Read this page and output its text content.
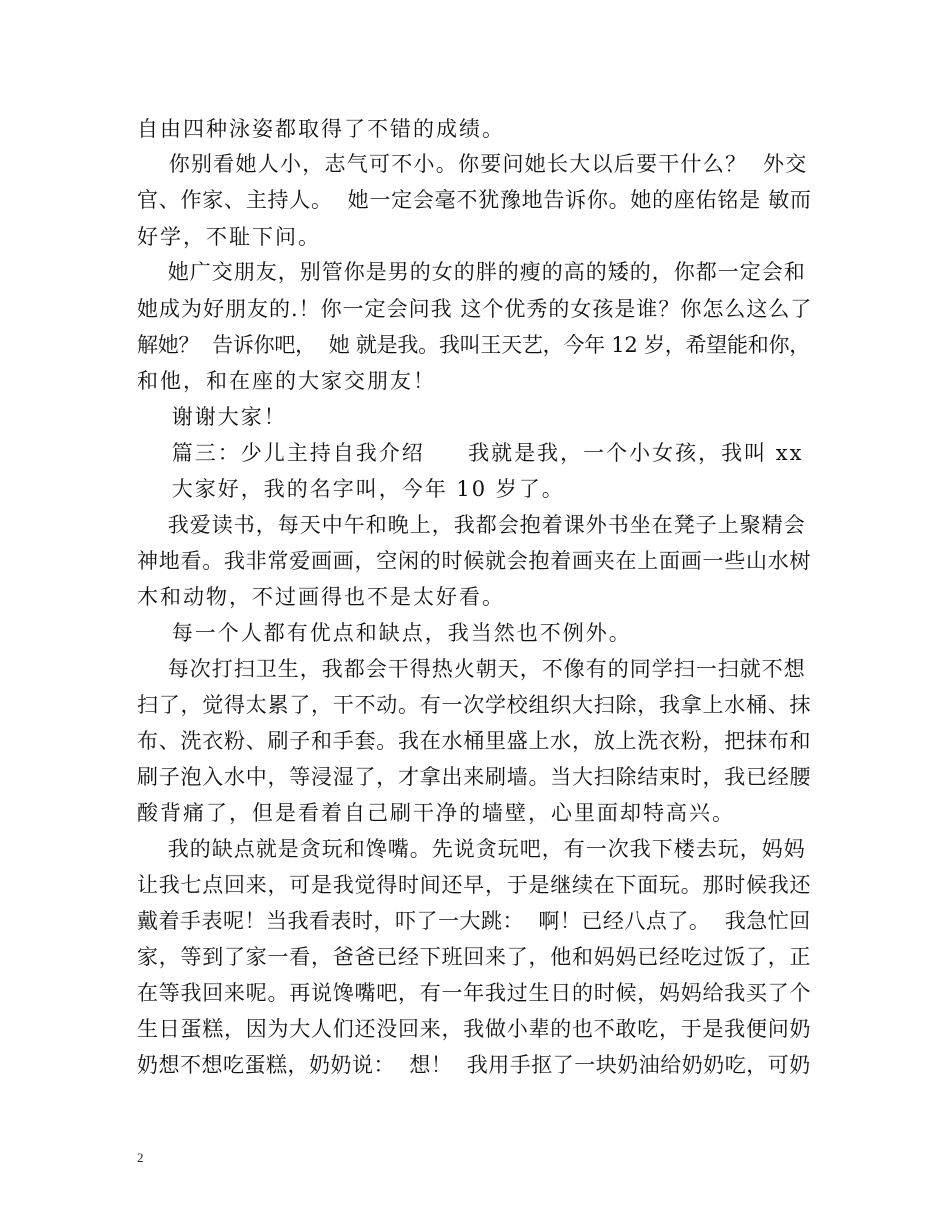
自由四种泳姿都取得了不错的成绩。
你别看她人小，志气可不小。你要问她长大以后要干什么？  外交
官、作家、主持人。  她一定会毫不犹豫地告诉你。她的座佑铭是 敏而
好学，不耻下问。
她广交朋友，别管你是男的女的胖的瘦的高的矮的，你都一定会和
她成为好朋友的.！你一定会问我 这个优秀的女孩是谁？你怎么这么了
解她？  告诉你吧，  她 就是我。我叫王天艺，今年 12 岁，希望能和你，
和他，和在座的大家交朋友！
谢谢大家！
篇三：少儿主持自我介绍     我就是我，一个小女孩，我叫 xx
大家好，我的名字叫，今年 10 岁了。
我爱读书，每天中午和晚上，我都会抱着课外书坐在凳子上聚精会
神地看。我非常爱画画，空闲的时候就会抱着画夹在上面画一些山水树
木和动物，不过画得也不是太好看。
每一个人都有优点和缺点，我当然也不例外。
每次打扫卫生，我都会干得热火朝天，不像有的同学扫一扫就不想
扫了，觉得太累了，干不动。有一次学校组织大扫除，我拿上水桶、抹
布、洗衣粉、刷子和手套。我在水桶里盛上水，放上洗衣粉，把抹布和
刷子泡入水中，等浸湿了，才拿出来刷墙。当大扫除结束时，我已经腰
酸背痛了，但是看着自己刷干净的墙壁，心里面却特高兴。
我的缺点就是贪玩和馋嘴。先说贪玩吧，有一次我下楼去玩，妈妈
让我七点回来，可是我觉得时间还早，于是继续在下面玩。那时候我还
戴着手表呢！当我看表时，吓了一大跳：  啊！已经八点了。  我急忙回
家，等到了家一看，爸爸已经下班回来了，他和妈妈已经吃过饭了，正
在等我回来呢。再说馋嘴吧，有一年我过生日的时候，妈妈给我买了个
生日蛋糕，因为大人们还没回来，我做小辈的也不敢吃，于是我便问奶
奶想不想吃蛋糕，奶奶说：  想！  我用手抠了一块奶油给奶奶吃，可奶
2
